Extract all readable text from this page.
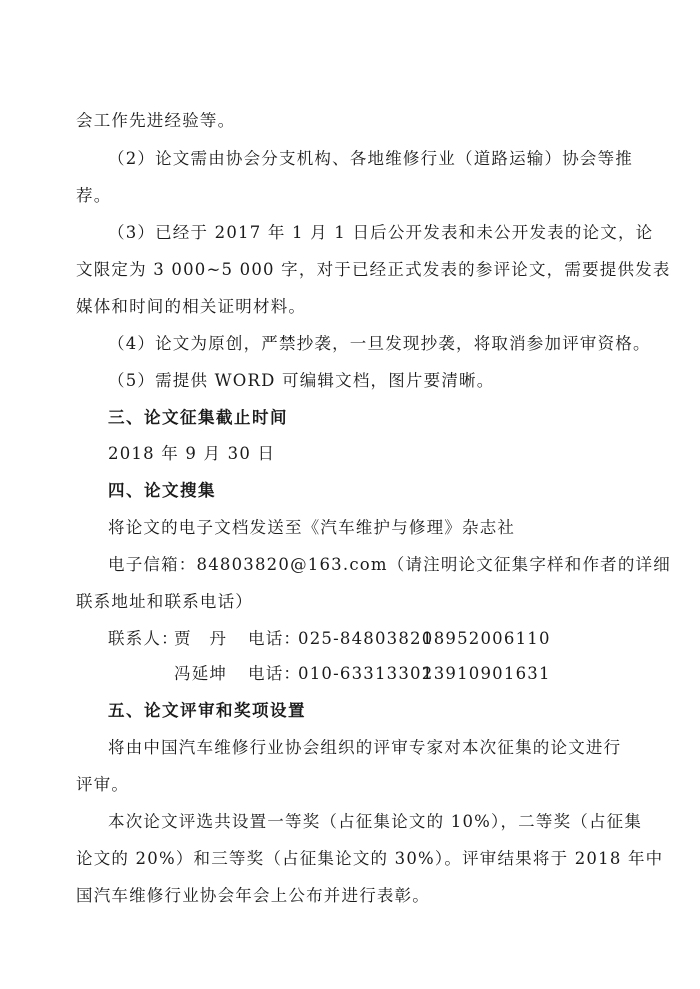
会工作先进经验等。
（2）论文需由协会分支机构、各地维修行业（道路运输）协会等推
荐。
（3）已经于 2017 年 1 月 1 日后公开发表和未公开发表的论文，论
文限定为 3 000~5 000 字，对于已经正式发表的参评论文，需要提供发表
媒体和时间的相关证明材料。
（4）论文为原创，严禁抄袭，一旦发现抄袭，将取消参加评审资格。
（5）需提供 WORD 可编辑文档，图片要清晰。
三、论文征集截止时间
2018 年 9 月 30 日
四、论文搜集
将论文的电子文档发送至《汽车维护与修理》杂志社
电子信箱：84803820@163.com（请注明论文征集字样和作者的详细
联系地址和联系电话）
联系人：贾　丹 电话：025-8480382018952006110
冯延坤 电话：010-6331330213910901631
五、论文评审和奖项设置
将由中国汽车维修行业协会组织的评审专家对本次征集的论文进行
评审。
本次论文评选共设置一等奖（占征集论文的 10%），二等奖（占征集
论文的 20%）和三等奖（占征集论文的 30%）。评审结果将于 2018 年中
国汽车维修行业协会年会上公布并进行表彰。
